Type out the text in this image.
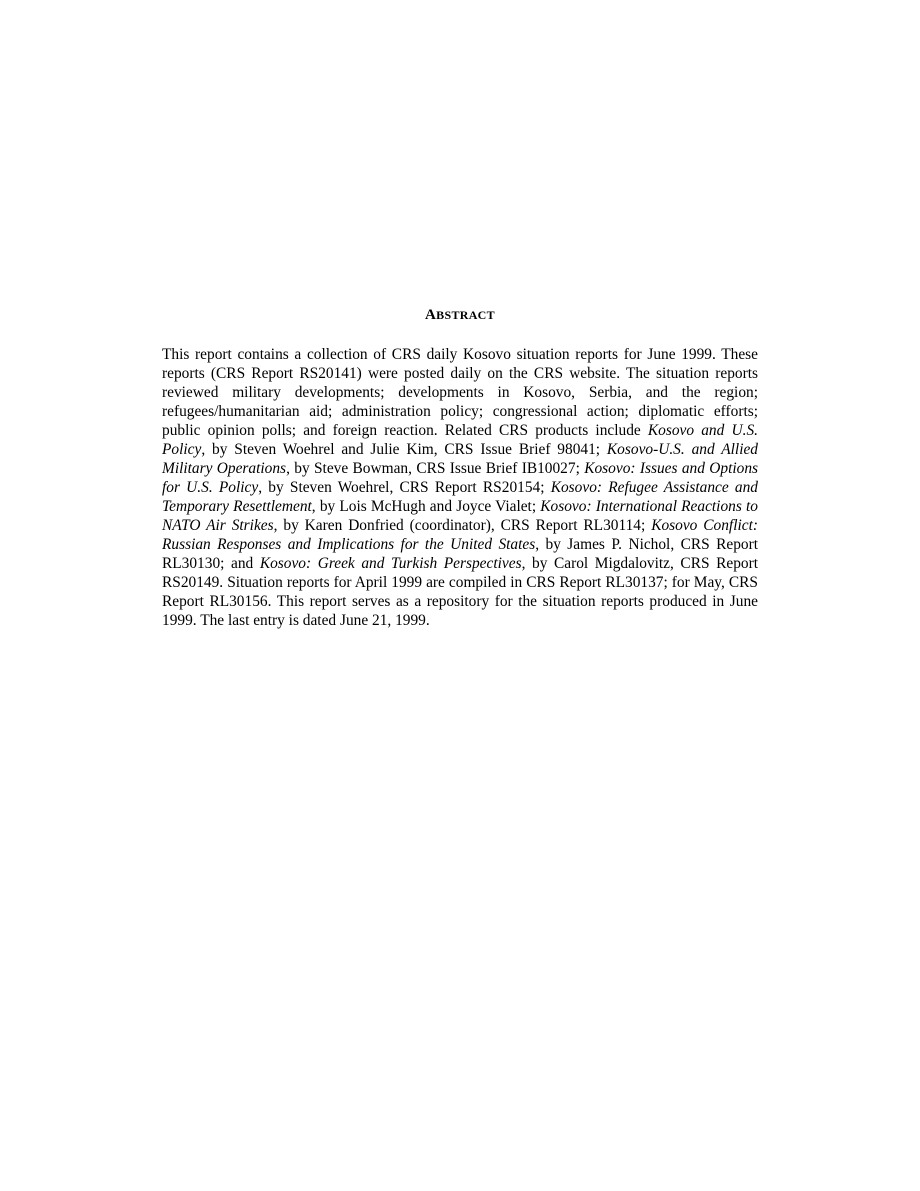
ABSTRACT

This report contains a collection of CRS daily Kosovo situation reports for June 1999. These reports (CRS Report RS20141) were posted daily on the CRS website. The situation reports reviewed military developments; developments in Kosovo, Serbia, and the region; refugees/humanitarian aid; administration policy; congressional action; diplomatic efforts; public opinion polls; and foreign reaction. Related CRS products include Kosovo and U.S. Policy, by Steven Woehrel and Julie Kim, CRS Issue Brief 98041; Kosovo-U.S. and Allied Military Operations, by Steve Bowman, CRS Issue Brief IB10027; Kosovo: Issues and Options for U.S. Policy, by Steven Woehrel, CRS Report RS20154; Kosovo: Refugee Assistance and Temporary Resettlement, by Lois McHugh and Joyce Vialet; Kosovo: International Reactions to NATO Air Strikes, by Karen Donfried (coordinator), CRS Report RL30114; Kosovo Conflict: Russian Responses and Implications for the United States, by James P. Nichol, CRS Report RL30130; and Kosovo: Greek and Turkish Perspectives, by Carol Migdalovitz, CRS Report RS20149. Situation reports for April 1999 are compiled in CRS Report RL30137; for May, CRS Report RL30156. This report serves as a repository for the situation reports produced in June 1999. The last entry is dated June 21, 1999.
